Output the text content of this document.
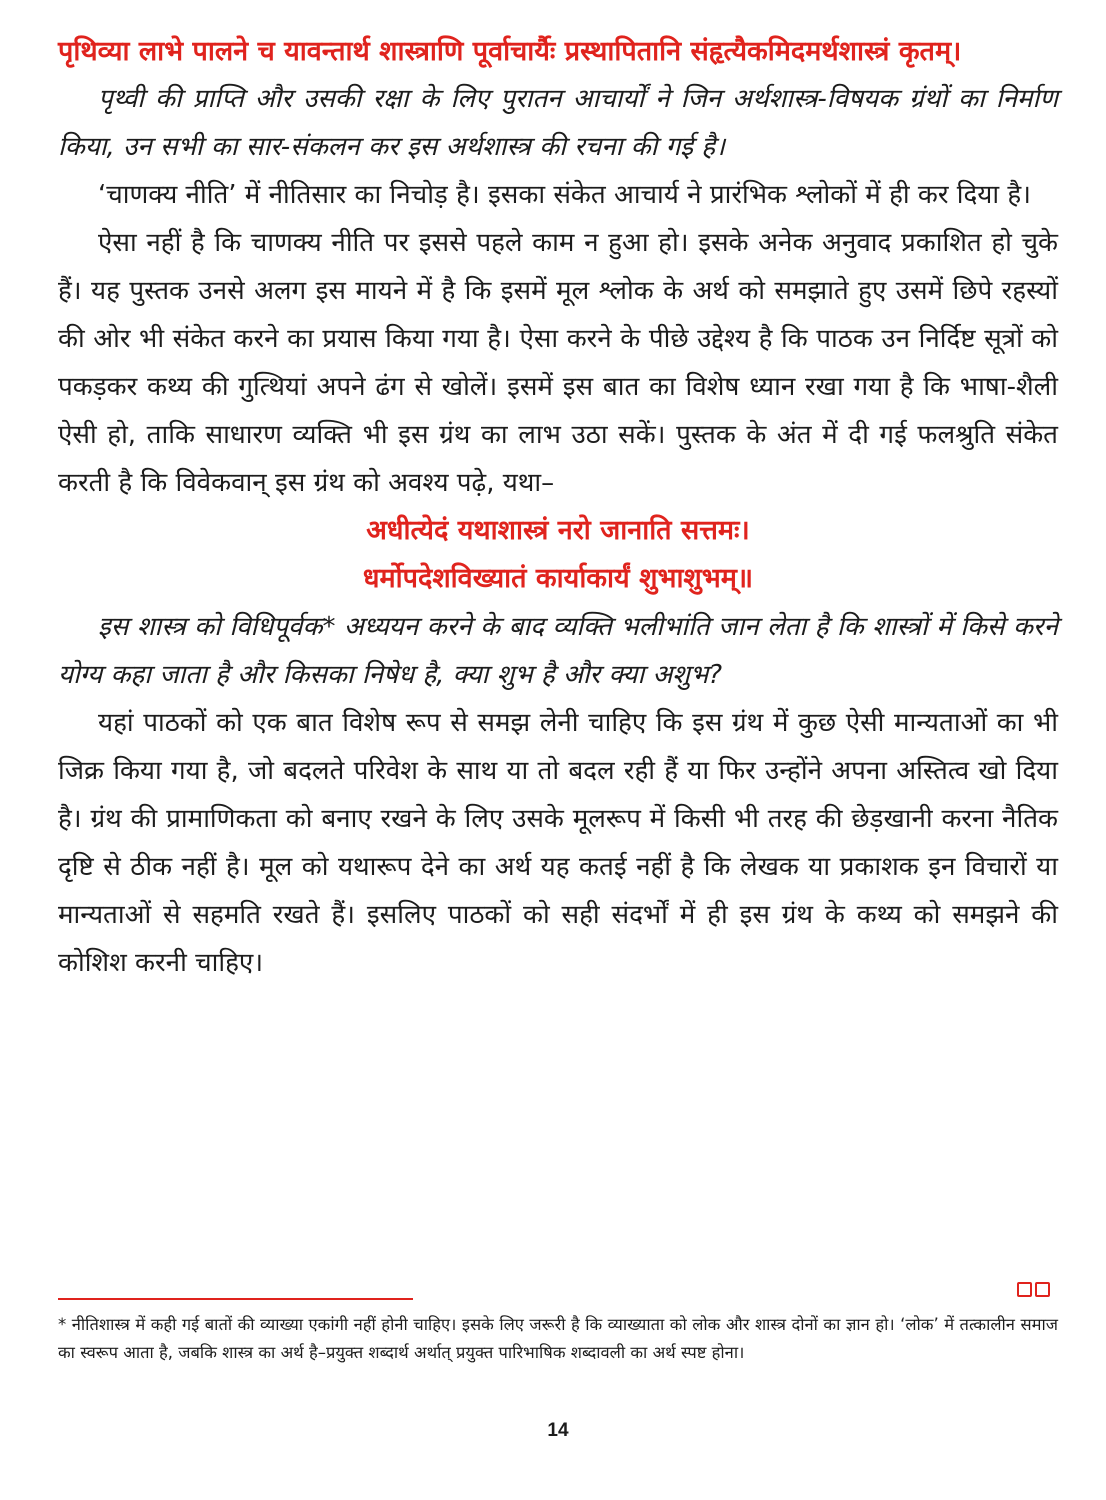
पृथिव्या लाभे पालने च यावन्तार्थ शास्त्राणि पूर्वाचार्यैः प्रस्थापितानि संहृत्यैकमिदमर्थशास्त्रं कृतम्।

पृथ्वी की प्राप्ति और उसकी रक्षा के लिए पुरातन आचार्यों ने जिन अर्थशास्त्र-विषयक ग्रंथों का निर्माण किया, उन सभी का सार-संकलन कर इस अर्थशास्त्र की रचना की गई है।

‘चाणक्य नीति’ में नीतिसार का निचोड़ है। इसका संकेत आचार्य ने प्रारंभिक श्लोकों में ही कर दिया है।

ऐसा नहीं है कि चाणक्य नीति पर इससे पहले काम न हुआ हो। इसके अनेक अनुवाद प्रकाशित हो चुके हैं। यह पुस्तक उनसे अलग इस मायने में है कि इसमें मूल श्लोक के अर्थ को समझाते हुए उसमें छिपे रहस्यों की ओर भी संकेत करने का प्रयास किया गया है। ऐसा करने के पीछे उद्देश्य है कि पाठक उन निर्दिष्ट सूत्रों को पकड़कर कथ्य की गुत्थियां अपने ढंग से खोलें। इसमें इस बात का विशेष ध्यान रखा गया है कि भाषा-शैली ऐसी हो, ताकि साधारण व्यक्ति भी इस ग्रंथ का लाभ उठा सकें। पुस्तक के अंत में दी गई फलश्रुति संकेत करती है कि विवेकवान् इस ग्रंथ को अवश्य पढ़े, यथा–

अधीत्येदं यथाशास्त्रं नरो जानाति सत्तमः।

धर्मोपदेशविख्यातं कार्याकार्यं शुभाशुभम्॥

इस शास्त्र को विधिपूर्वक* अध्ययन करने के बाद व्यक्ति भलीभांति जान लेता है कि शास्त्रों में किसे करने योग्य कहा जाता है और किसका निषेध है, क्या शुभ है और क्या अशुभ?

यहां पाठकों को एक बात विशेष रूप से समझ लेनी चाहिए कि इस ग्रंथ में कुछ ऐसी मान्यताओं का भी जिक्र किया गया है, जो बदलते परिवेश के साथ या तो बदल रही हैं या फिर उन्होंने अपना अस्तित्व खो दिया है। ग्रंथ की प्रामाणिकता को बनाए रखने के लिए उसके मूलरूप में किसी भी तरह की छेड़खानी करना नैतिक दृष्टि से ठीक नहीं है। मूल को यथारूप देने का अर्थ यह कतई नहीं है कि लेखक या प्रकाशक इन विचारों या मान्यताओं से सहमति रखते हैं। इसलिए पाठकों को सही संदर्भों में ही इस ग्रंथ के कथ्य को समझने की कोशिश करनी चाहिए।

* नीतिशास्त्र में कही गई बातों की व्याख्या एकांगी नहीं होनी चाहिए। इसके लिए जरूरी है कि व्याख्याता को लोक और शास्त्र दोनों का ज्ञान हो। ‘लोक’ में तत्कालीन समाज का स्वरूप आता है, जबकि शास्त्र का अर्थ है–प्रयुक्त शब्दार्थ अर्थात् प्रयुक्त पारिभाषिक शब्दावली का अर्थ स्पष्ट होना।

14
